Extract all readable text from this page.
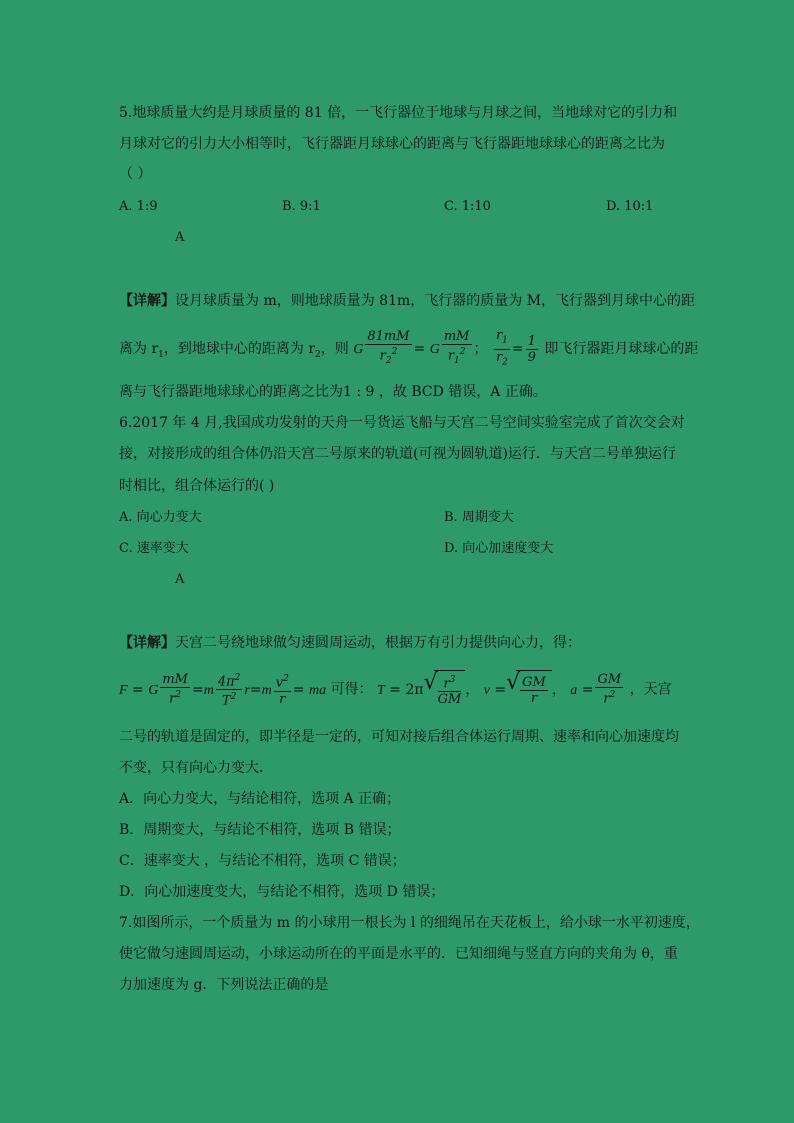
5.地球质量大约是月球质量的 81 倍，一飞行器位于地球与月球之间，当地球对它的引力和
月球对它的引力大小相等时，飞行器距月球球心的距离与飞行器距地球球心的距离之比为
（ ）
A. 1:9	B. 9:1	C. 1:10	D. 10:1
A
【详解】设月球质量为 m，则地球质量为 81m，飞行器的质量为 M，飞行器到月球中心的距
离为 $r_1$，到地球中心的距离为 $r_2$，则 G $\frac{81mM}{r_2^2} = G \frac{mM}{r_1^2}$ ； $\frac{r_1}{r_2} = \frac{1}{9}$ 即飞行器距月球球心的距
离与飞行器距地球球心的距离之比为1 : 9 ，故 BCD 错误，A 正确。
6.2017 年 4 月,我国成功发射的天舟一号货运飞船与天宫二号空间实验室完成了首次交会对
接，对接形成的组合体仍沿天宫二号原来的轨道(可视为圆轨道)运行．与天宫二号单独运行
时相比，组合体运行的( )
A. 向心力变大	B. 周期变大
C. 速率变大	D. 向心加速度变大
A
【详解】天宫二号绕地球做匀速圆周运动，根据万有引力提供向心力，得：
F = G $\frac{mM}{r^2} =m \frac{4\pi^2}{T^2} r=m \frac{v^2}{r}$ = ma 可得： T = 2π √ $\frac{r^3}{GM}$ ， v = √ $\frac{GM}{r}$ ， $a = \frac{GM}{r^2}$ ，天宫
二号的轨道是固定的，即半径是一定的，可知对接后组合体运行周期、速率和向心加速度均
不变，只有向心力变大．
A．向心力变大，与结论相符，选项 A 正确；
B．周期变大，与结论不相符，选项 B 错误；
C．速率变大 ，与结论不相符，选项 C 错误；
D．向心加速度变大，与结论不相符，选项 D 错误；
7.如图所示，一个质量为 m 的小球用一根长为 l 的细绳吊在天花板上，给小球一水平初速度，
使它做匀速圆周运动，小球运动所在的平面是水平的．已知细绳与竖直方向的夹角为 θ，重
力加速度为 g．下列说法正确的是
